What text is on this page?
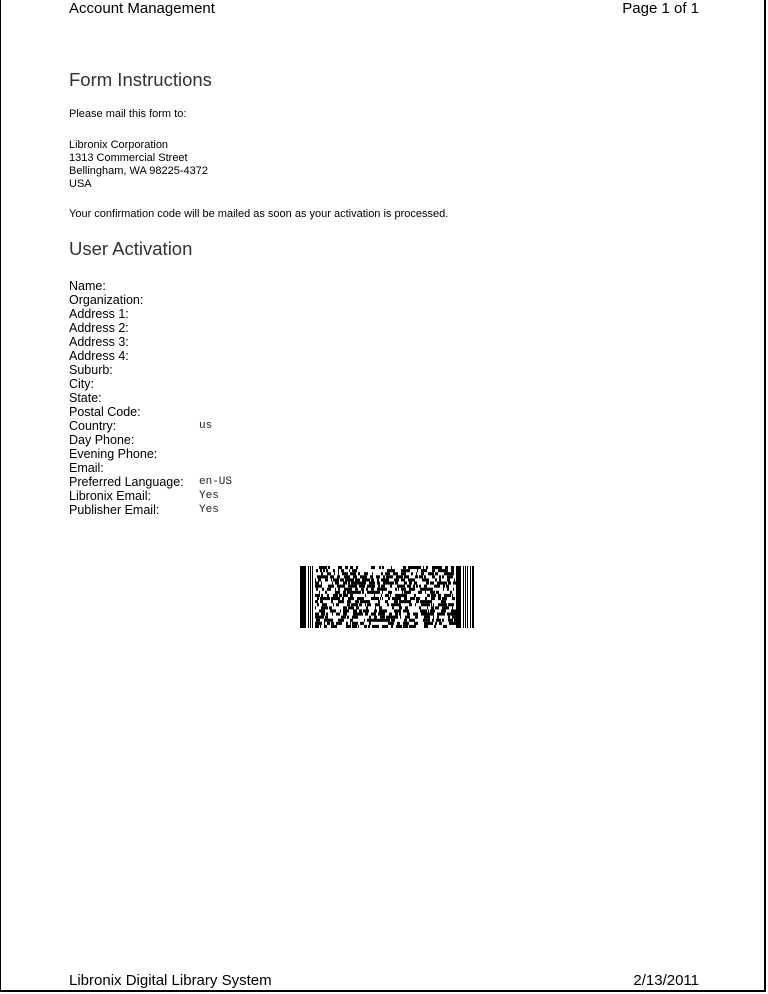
Account Management	Page 1 of 1
Form Instructions
Please mail this form to:
Libronix Corporation
1313 Commercial Street
Bellingham, WA 98225-4372
USA
Your confirmation code will be mailed as soon as your activation is processed.
User Activation
Name:
Organization:
Address 1:
Address 2:
Address 3:
Address 4:
Suburb:
City:
State:
Postal Code:
Country:	us
Day Phone:
Evening Phone:
Email:
Preferred Language:	en-US
Libronix Email:	Yes
Publisher Email:	Yes
Libronix Digital Library System	2/13/2011
